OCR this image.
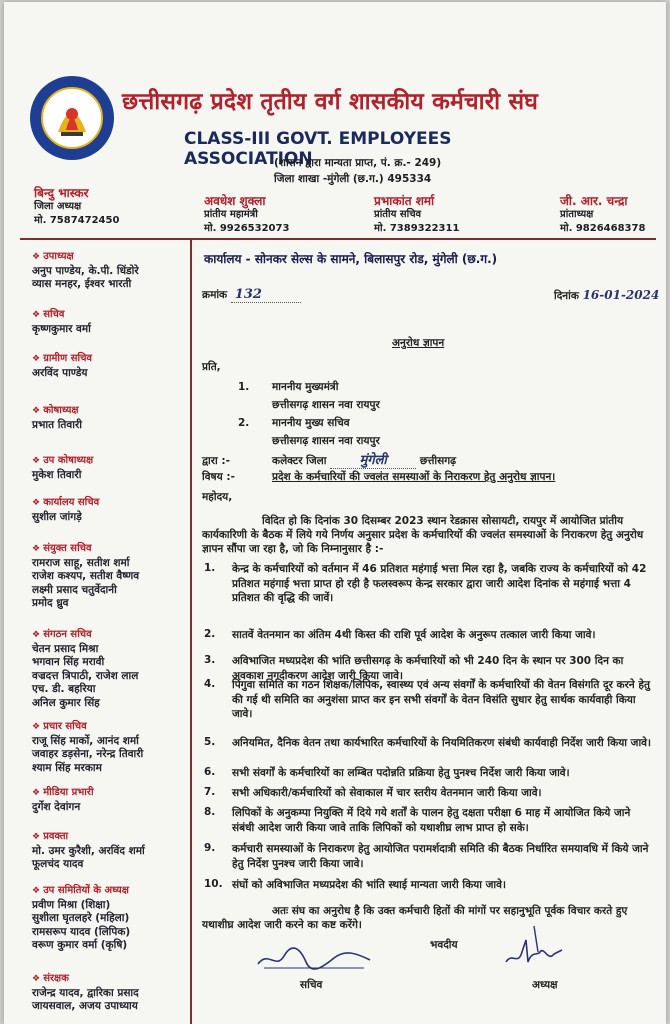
छत्तीसगढ़ प्रदेश तृतीय वर्ग शासकीय कर्मचारी संघ
CLASS-III GOVT. EMPLOYEES ASSOCIATION
(शासन द्वारा मान्यता प्राप्त, पं. क्र.- 249)
जिला शाखा -मुंगेली (छ.ग.) 495334
बिन्दु भास्कर
जिला अध्यक्ष
मो. 7587472450
अवधेश शुक्ला
प्रांतीय महामंत्री
मो. 9926532073
प्रभाकांत शर्मा
प्रांतीय सचिव
मो. 7389322311
जी. आर. चन्द्रा
प्रांताध्यक्ष
मो. 9826468378
कार्यालय - सोनकर सेल्स के सामने, बिलासपुर रोड, मुंगेली (छ.ग.)
❖ उपाध्यक्ष
अनुप पाण्डेय, के.पी. धिंडोरे
व्यास मनहर, ईश्वर भारती
❖ सचिव
कृष्णकुमार वर्मा
❖ ग्रामीण सचिव
अरविंद पाण्डेय
❖ कोषाध्यक्ष
प्रभात तिवारी
❖ उप कोषाध्यक्ष
मुकेश तिवारी
❖ कार्यालय सचिव
सुशील जांगड़े
❖ संयुक्त सचिव
रामराज साहू, सतीश शर्मा
राजेश कश्यप, सतीश वैष्णव
लक्ष्मी प्रसाद चतुर्वेदानी
प्रमोद ध्रुव
❖ संगठन सचिव
चेतन प्रसाद मिश्रा
भगवान सिंह मरावी
वज्रदत्त त्रिपाठी, राजेश लाल
एच. डी. बहरिया
अनिल कुमार सिंह
❖ प्रचार सचिव
राजू सिंह मार्को, आनंद शर्मा
जवाहर डड़सेना, नरेन्द्र तिवारी
श्याम सिंह मरकाम
❖ मीडिया प्रभारी
दुर्गेश देवांगन
❖ प्रवक्ता
मो. उमर कुरैशी, अरविंद शर्मा
फूलचंद यादव
❖ उप समितियों के अध्यक्ष
प्रवीण मिश्रा (शिक्षा)
सुशीला घृतलहरे (महिला)
रामसरूप यादव (लिपिक)
वरूण कुमार वर्मा (कृषि)
❖ संरक्षक
राजेन्द्र यादव, द्वारिका प्रसाद
जायसवाल, अजय उपाध्याय
क्रमांक 132	दिनांक 16-01-2024
अनुरोध ज्ञापन
प्रति,
1. माननीय मुख्यमंत्री
छत्तीसगढ़ शासन नवा रायपुर
2. माननीय मुख्य सचिव
छत्तीसगढ़ शासन नवा रायपुर
द्वारा :-	कलेक्टर जिला	मुंगेली	छत्तीसगढ़
विषय :-	प्रदेश के कर्मचारियों की ज्वलंत समस्याओं के निराकरण हेतु अनुरोध ज्ञापन।
महोदय,
विदित हो कि दिनांक 30 दिसम्बर 2023 स्थान रेडक्रास सोसायटी, रायपुर में आयोजित प्रांतीय कार्यकारिणी के बैठक में लिये गये निर्णय अनुसार प्रदेश के कर्मचारियों की ज्वलंत समस्याओं के निराकरण हेतु अनुरोध ज्ञापन सौंपा जा रहा है, जो कि निम्नानुसार है :-
1. केन्द्र के कर्मचारियों को वर्तमान में 46 प्रतिशत महंगाई भत्ता मिल रहा है, जबकि राज्य के कर्मचारियों को 42 प्रतिशत महंगाई भत्ता प्राप्त हो रही है फलस्वरूप केन्द्र सरकार द्वारा जारी आदेश दिनांक से महंगाई भत्ता 4 प्रतिशत की वृद्धि की जावें।
2. सातवें वेतनमान का अंतिम 4थी किस्त की राशि पूर्व आदेश के अनुरूप तत्काल जारी किया जावे।
3. अविभाजित मध्यप्रदेश की भांति छत्तीसगढ़ के कर्मचारियों को भी 240 दिन के स्थान पर 300 दिन का अवकाश नगदीकरण आदेश जारी किया जावे।
4. पिंगुवा समिति का गठन शिक्षक/लिपिक, स्वास्थ्य एवं अन्य संवर्गों के कर्मचारियों की वेतन विसंगति दूर करने हेतु की गई थी समिति का अनुशंसा प्राप्त कर इन सभी संवर्गों के वेतन विसंति सुधार हेतु सार्थक कार्यवाही किया जावे।
5. अनियमित, दैनिक वेतन तथा कार्यभारित कर्मचारियों के नियमितिकरण संबंधी कार्यवाही निर्देश जारी किया जावे।
6. सभी संवर्गों के कर्मचारियों का लम्बित पदोन्नति प्रक्रिया हेतु पुनश्च निर्देश जारी किया जावे।
7. सभी अधिकारी/कर्मचारियों को सेवाकाल में चार स्तरीय वेतनमान जारी किया जावे।
8. लिपिकों के अनुकम्पा नियुक्ति में दिये गये शर्तों के पालन हेतु दक्षता परीक्षा 6 माह में आयोजित किये जाने संबंधी आदेश जारी किया जावे ताकि लिपिकों को यथाशीघ्र लाभ प्राप्त हो सके।
9. कर्मचारी समस्याओं के निराकरण हेतु आयोजित परामर्शदात्री समिति की बैठक निर्धारित समयावधि में किये जाने हेतु निर्देश पुनश्च जारी किया जावे।
10. संघों को अविभाजित मध्यप्रदेश की भांति स्थाई मान्यता जारी किया जावे।
अतः संघ का अनुरोध है कि उक्त कर्मचारी हितों की मांगों पर सहानुभूति पूर्वक विचार करते हुए यथाशीघ्र आदेश जारी करने का कष्ट करेंगे।
भवदीय
सचिव	अध्यक्ष
